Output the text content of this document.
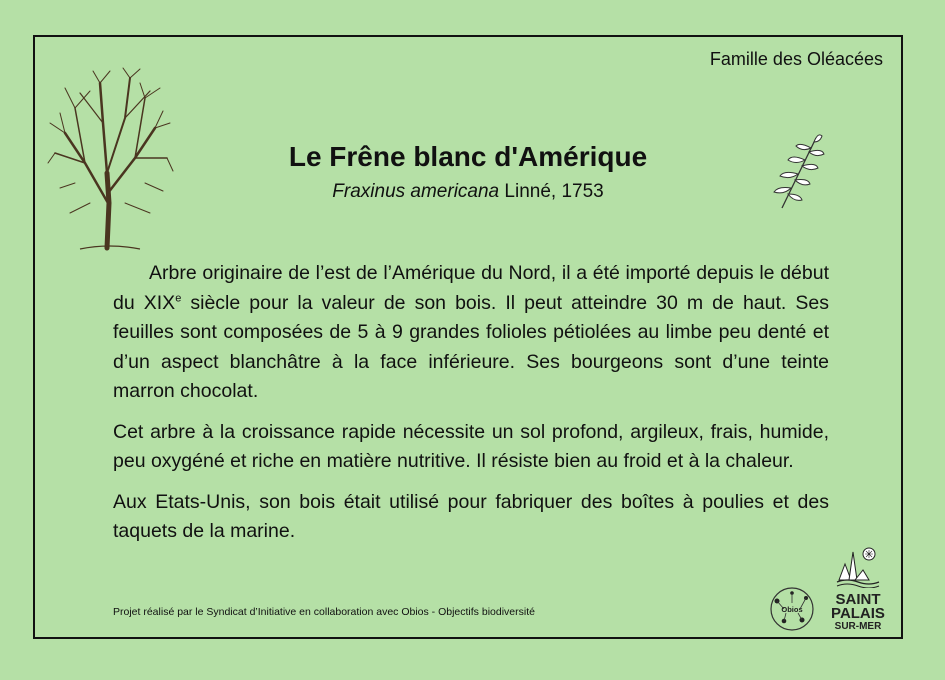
Famille des Oléacées
Le Frêne blanc d'Amérique
Fraxinus americana Linné, 1753

Arbre originaire de l’est de l’Amérique du Nord, il a été importé depuis le début du XIXe siècle pour la valeur de son bois. Il peut atteindre 30 m de haut. Ses feuilles sont composées de 5 à 9 grandes folioles pétiolées au limbe peu denté et d’un aspect blanchâtre à la face inférieure. Ses bourgeons sont d’une teinte marron chocolat.

Cet arbre à la croissance rapide nécessite un sol profond, argileux, frais, humide, peu oxygéné et riche en matière nutritive. Il résiste bien au froid et à la chaleur.

Aux Etats-Unis, son bois était utilisé pour fabriquer des boîtes à poulies et des taquets de la marine.

Projet réalisé par le Syndicat d’Initiative en collaboration avec Obios - Objectifs biodiversité	Obios
SAINT
PALAIS
SUR-MER
